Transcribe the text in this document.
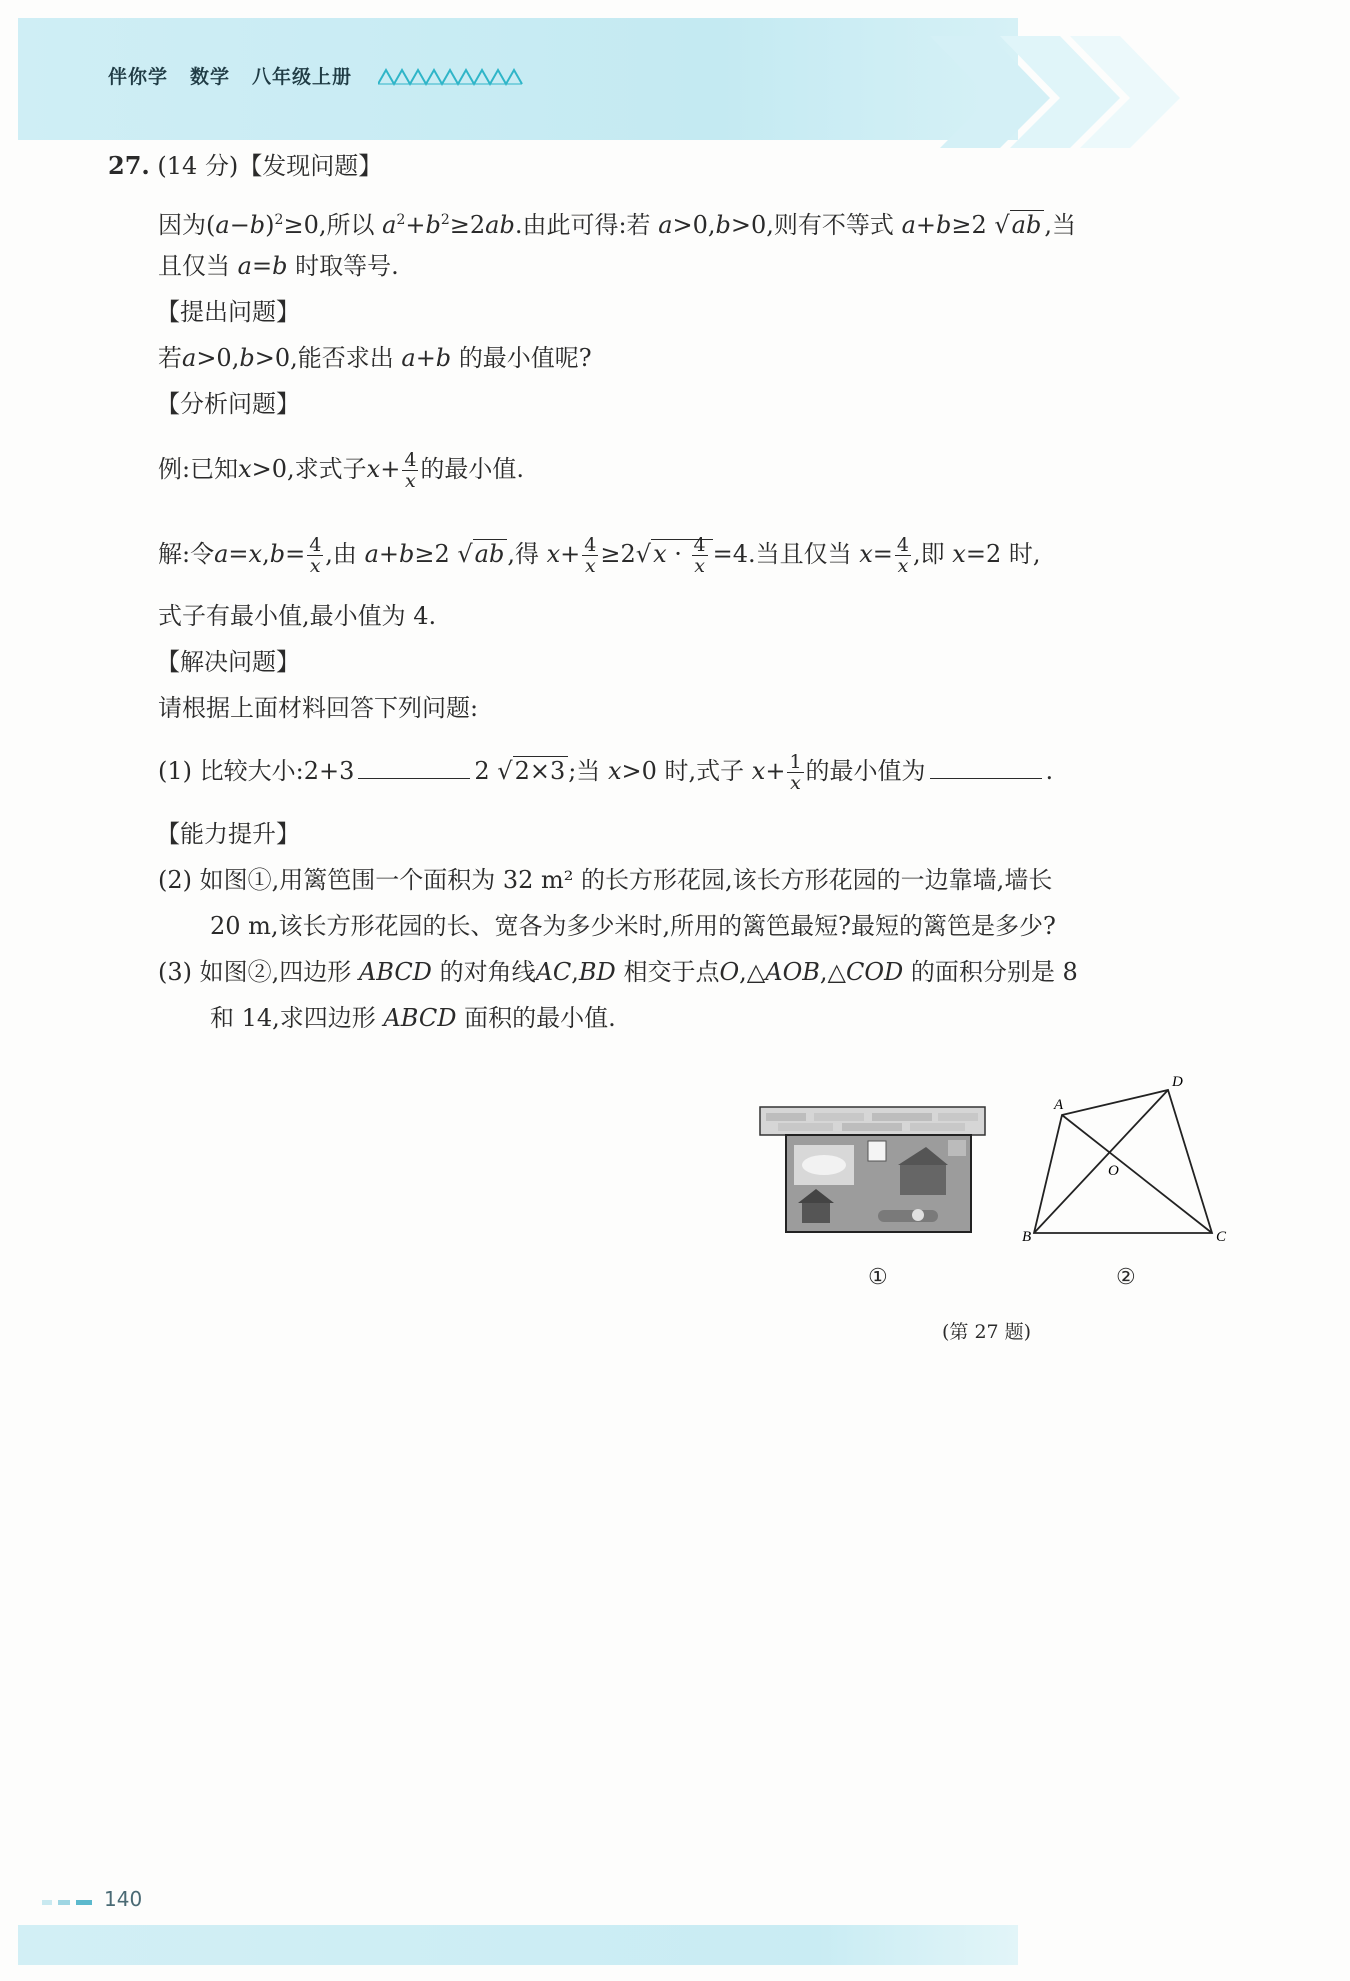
伴你学 数学 八年级上册
27. (14 分)【发现问题】
因为$(a-b)^2\ge 0$,所以 $a^2+b^2\ge 2ab$.由此可得:若 a>0,b>0,则有不等式 a+b≥2 √ab ,当
且仅当 a=b 时取等号.
【提出问题】
若a>0,b>0,能否求出 a+b 的最小值呢?
【分析问题】
例:已知x>0,求式子$x+ \frac{4}{x}$ 的最小值.
解:令$a=x,b= \frac{4}{x}$ ,由 a+b≥2 √ab ,得 $x+ \frac{4}{x} \ge 2√x \cdot \frac{4}{x} =4$.当且仅当 $x= \frac{4}{x}$ ,即 x=2 时,
式子有最小值,最小值为 4.
【解决问题】
请根据上面材料回答下列问题:
(1) 比较大小:2+3	2 √2×3 ;当 x>0 时,式子 $x+ \frac{1}{x}$ 的最小值为	.
【能力提升】
(2) 如图①,用篱笆围一个面积为 32 m² 的长方形花园,该长方形花园的一边靠墙,墙长
20 m,该长方形花园的长、宽各为多少米时,所用的篱笆最短?最短的篱笆是多少?
(3) 如图②,四边形 ABCD 的对角线AC,BD 相交于点O,△AOB,△COD 的面积分别是 8
和 14,求四边形 ABCD 面积的最小值.
A
D
B	C
O
①	②
(第 27 题)
140
